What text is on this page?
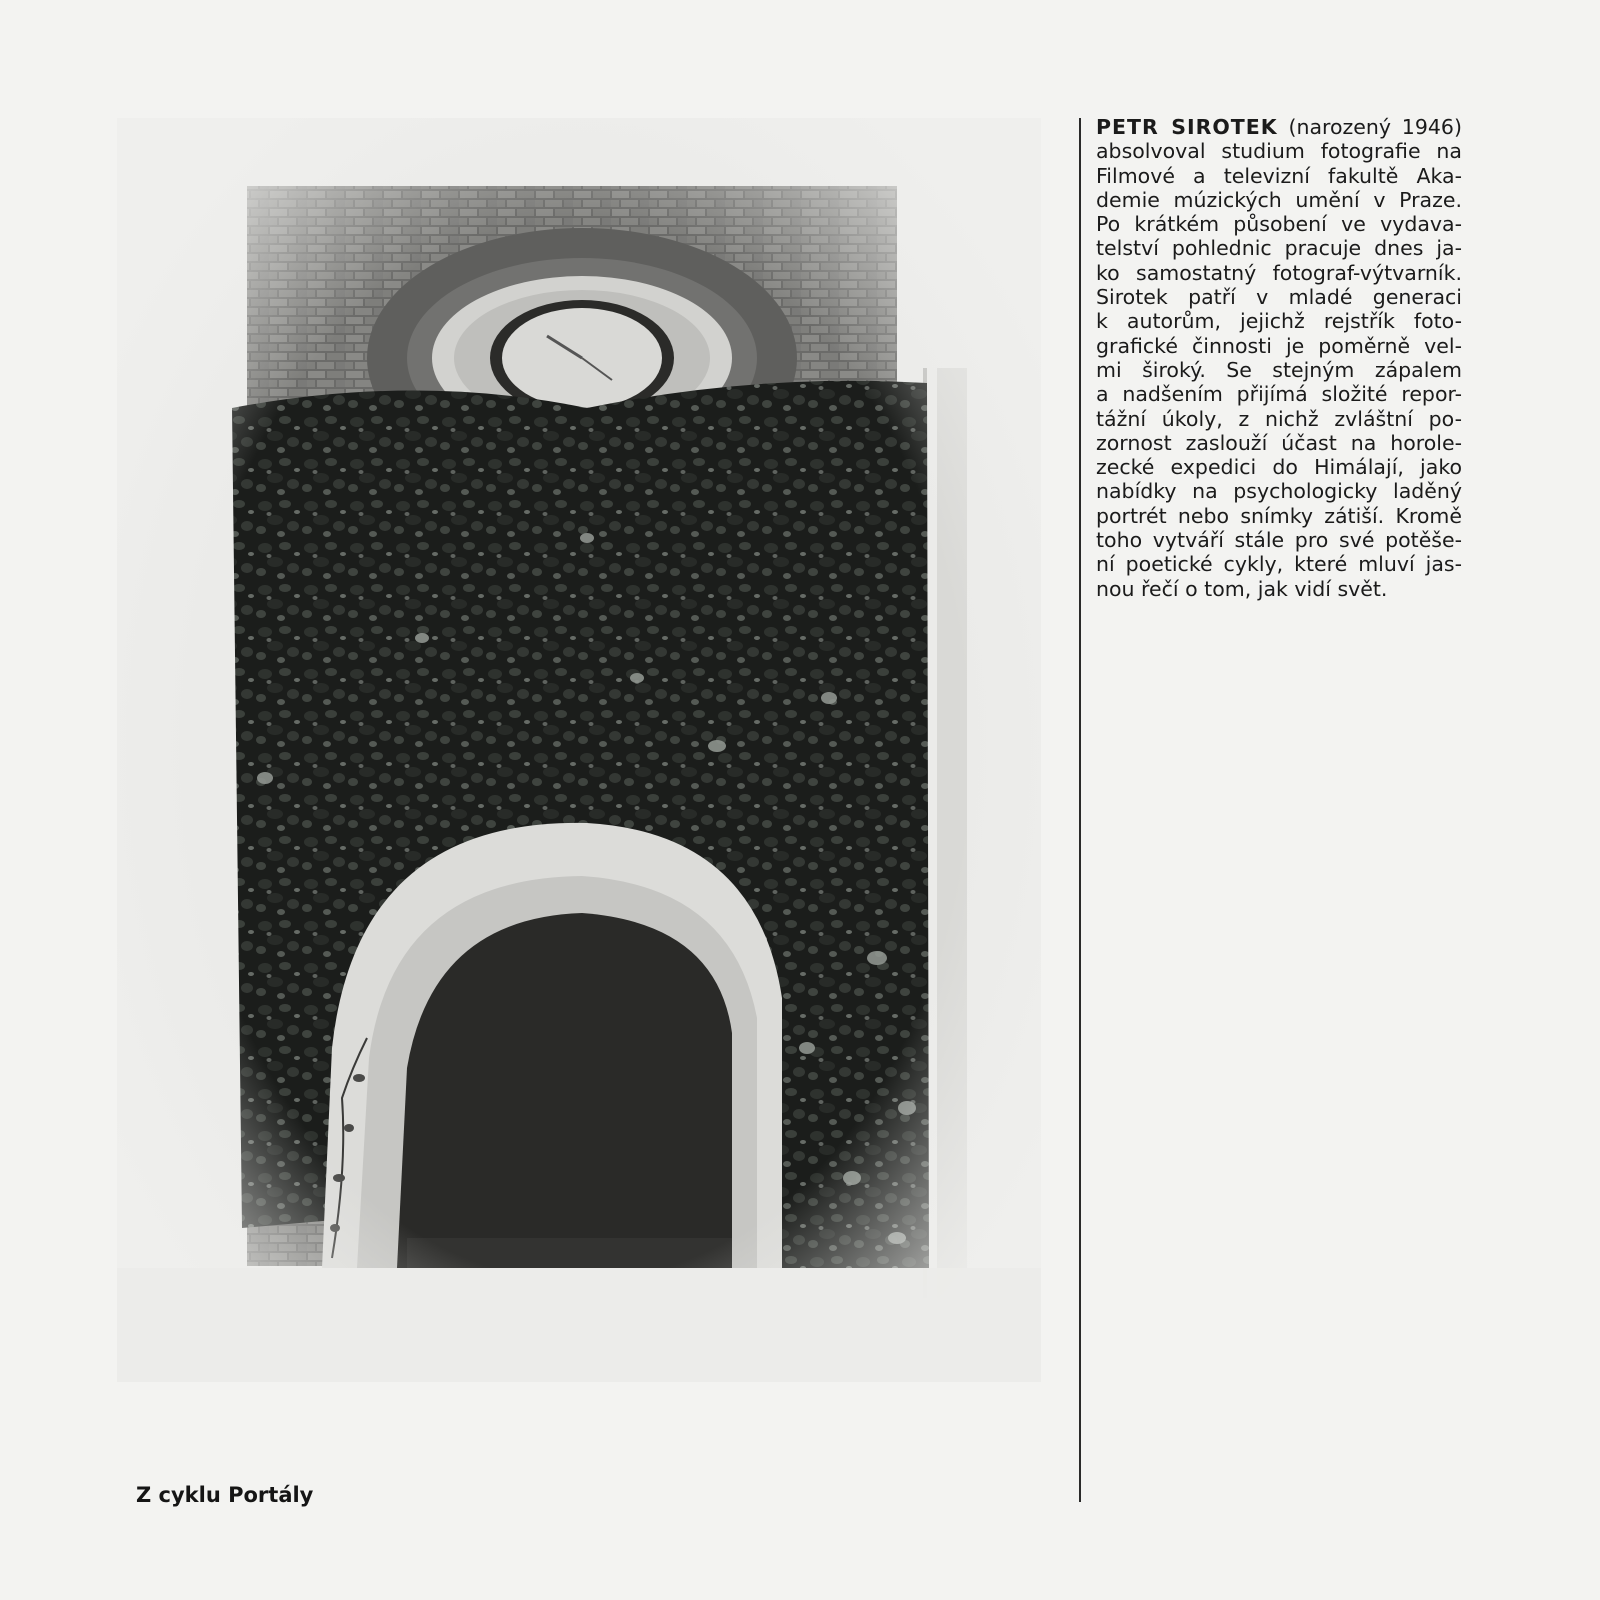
PETR SIROTEK (narozený 1946)
absolvoval studium fotografie na
Filmové a televizní fakultě Aka-
demie múzických umění v Praze.
Po krátkém působení ve vydava-
telství pohlednic pracuje dnes ja-
ko samostatný fotograf-výtvarník.
Sirotek patří v mladé generaci
k autorům, jejichž rejstřík foto-
grafické činnosti je poměrně vel-
mi široký. Se stejným zápalem
a nadšením přijímá složité repor-
tážní úkoly, z nichž zvláštní po-
zornost zaslouží účast na horole-
zecké expedici do Himálají, jako
nabídky na psychologicky laděný
portrét nebo snímky zátiší. Kromě
toho vytváří stále pro své potěše-
ní poetické cykly, které mluví jas-
nou řečí o tom, jak vidí svět.
Z cyklu Portály
